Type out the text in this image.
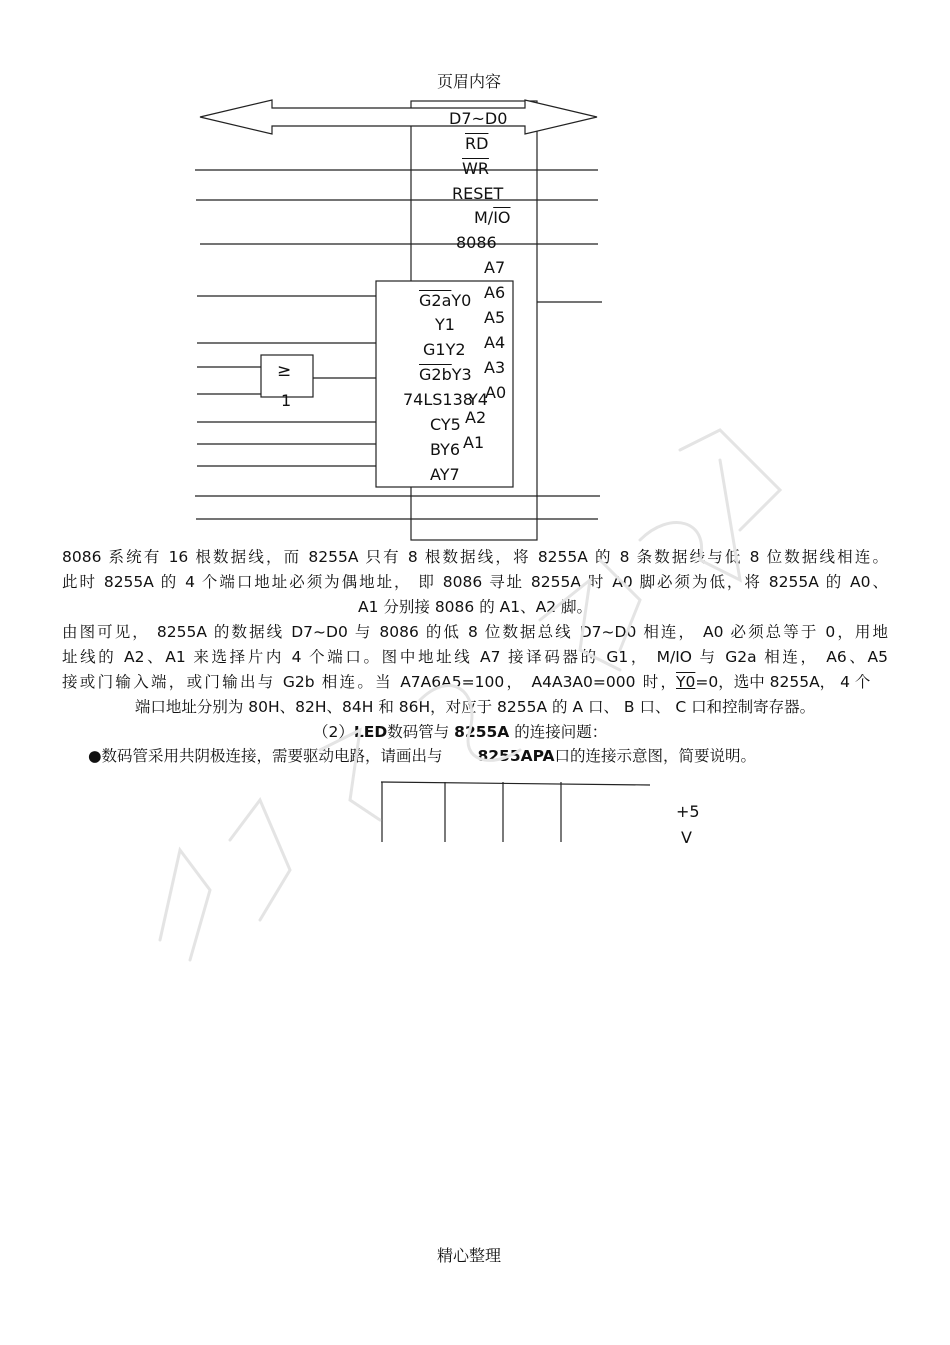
页眉内容
D7~D0
$\overline{RD}$
$\overline{WR}$
RESET
$M/\overline{IO}$
8086
A7
A6
A5
A4
A3
A0
A2
A1
G2aY0
Y1
G1Y2
G2bY3
74LS138
Y4
CY5
BY6
AY7
≥
1
8086 系统有 16 根数据线，而 8255A 只有 8 根数据线，将 8255A 的 8 条数据线与低 8 位数据线相连。
此时 8255A 的 4 个端口地址必须为偶地址， 即 8086 寻址 8255A 时 A0 脚必须为低，将 8255A 的 A0、
A1 分别接 8086 的 A1、A2 脚。
由图可见， 8255A 的数据线 D7~D0 与 8086 的低 8 位数据总线 D7~D0 相连， A0 必须总等于 0，用地
址线的 A2、A1 来选择片内 4 个端口。图中地址线 A7 接译码器的 G1， M/IO 与 G2a 相连， A6、A5
接或门输入端，或门输出与 G2b 相连。当 A7A6A5=100， A4A3A0=000 时， Y0=0，选中 8255A， 4 个
端口地址分别为 80H、82H、84H 和 86H，对应于 8255A 的 A 口、 B 口、 C 口和控制寄存器。
（2）LED数码管与 8255A 的连接问题：
●数码管采用共阴极连接，需要驱动电路，请画出与 8255APA口的连接示意图，简要说明。
+5
V
精心整理
